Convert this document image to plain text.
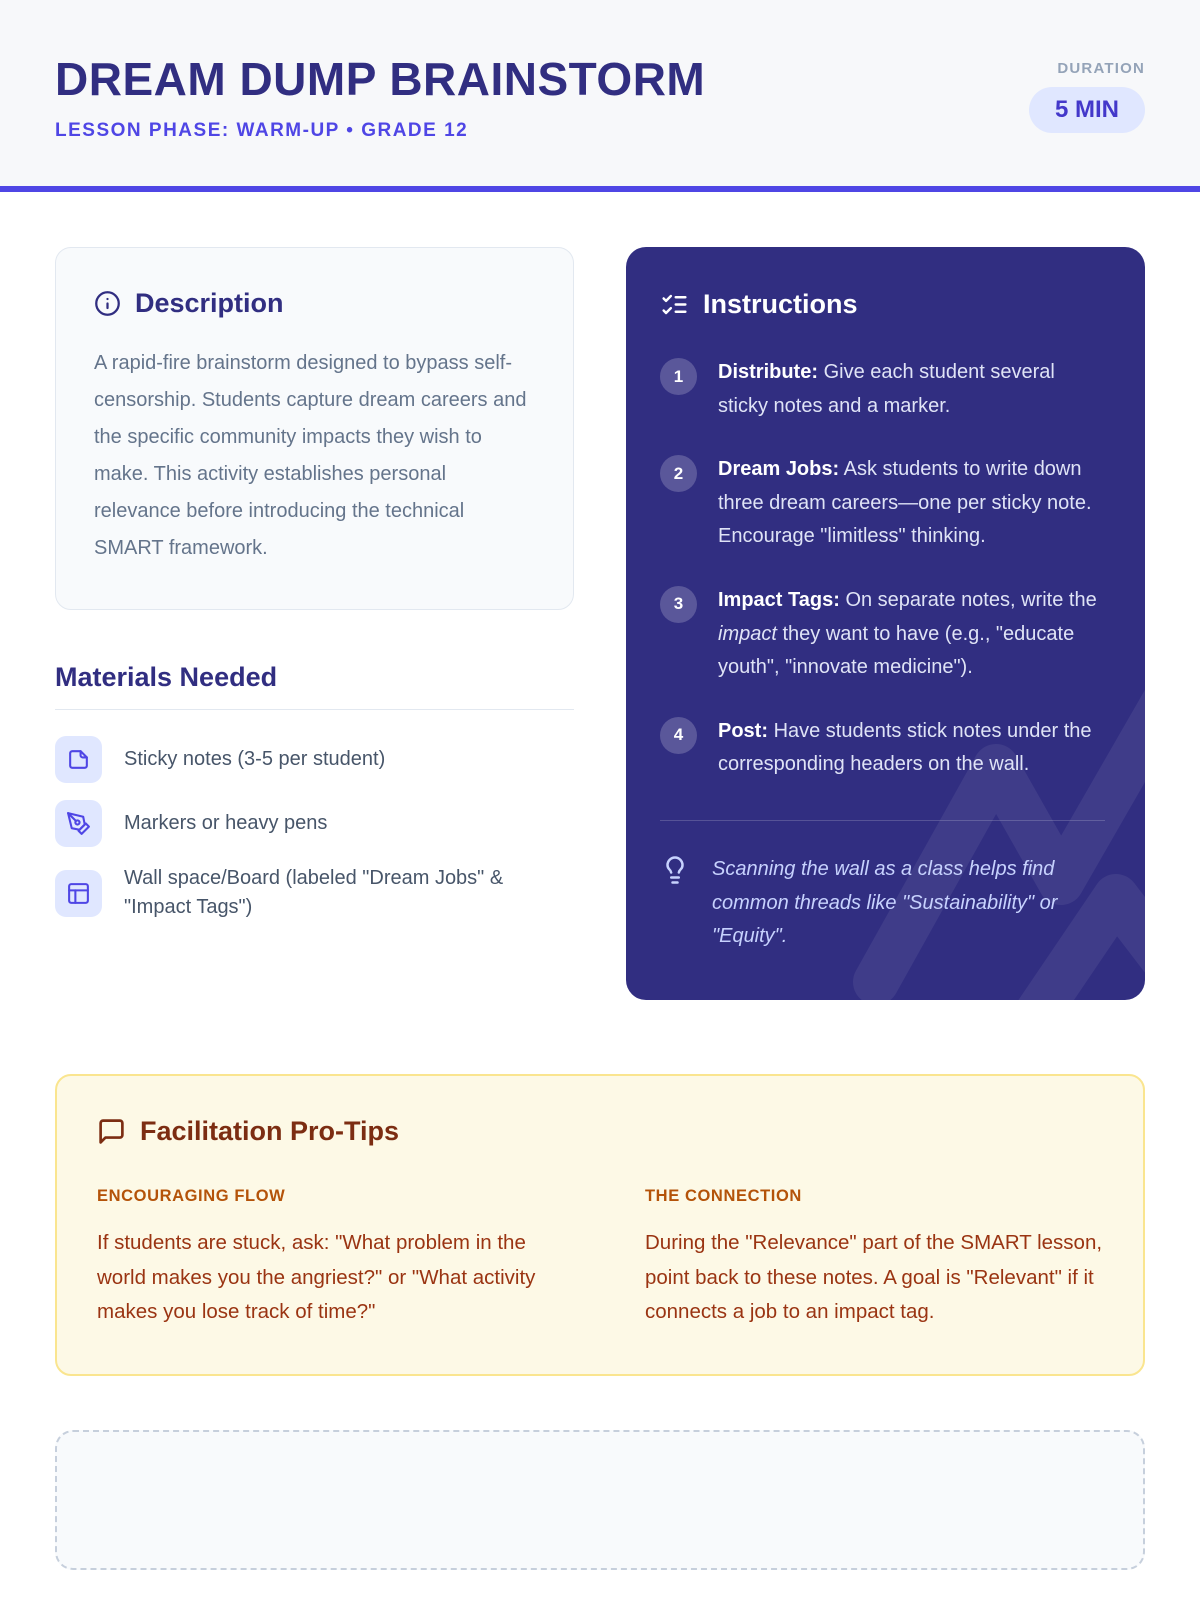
DREAM DUMP BRAINSTORM
LESSON PHASE: WARM-UP • GRADE 12
DURATION
5 MIN
Description

A rapid-fire brainstorm designed to bypass self-censorship. Students capture dream careers and the specific community impacts they wish to make. This activity establishes personal relevance before introducing the technical SMART framework.

Materials Needed
Sticky notes (3-5 per student)
Markers or heavy pens
Wall space/Board (labeled "Dream Jobs" & "Impact Tags")
Instructions
1	Distribute: Give each student several sticky notes and a marker.

2	Dream Jobs: Ask students to write down three dream careers—one per sticky note. Encourage "limitless" thinking.

3	Impact Tags: On separate notes, write the impact they want to have (e.g., "educate youth", "innovate medicine").

4	Post: Have students stick notes under the corresponding headers on the wall.

Scanning the wall as a class helps find common threads like "Sustainability" or "Equity".

Facilitation Pro-Tips
ENCOURAGING FLOW

If students are stuck, ask: "What problem in the world makes you the angriest?" or "What activity makes you lose track of time?"

THE CONNECTION

During the "Relevance" part of the SMART lesson, point back to these notes. A goal is "Relevant" if it connects a job to an impact tag.
